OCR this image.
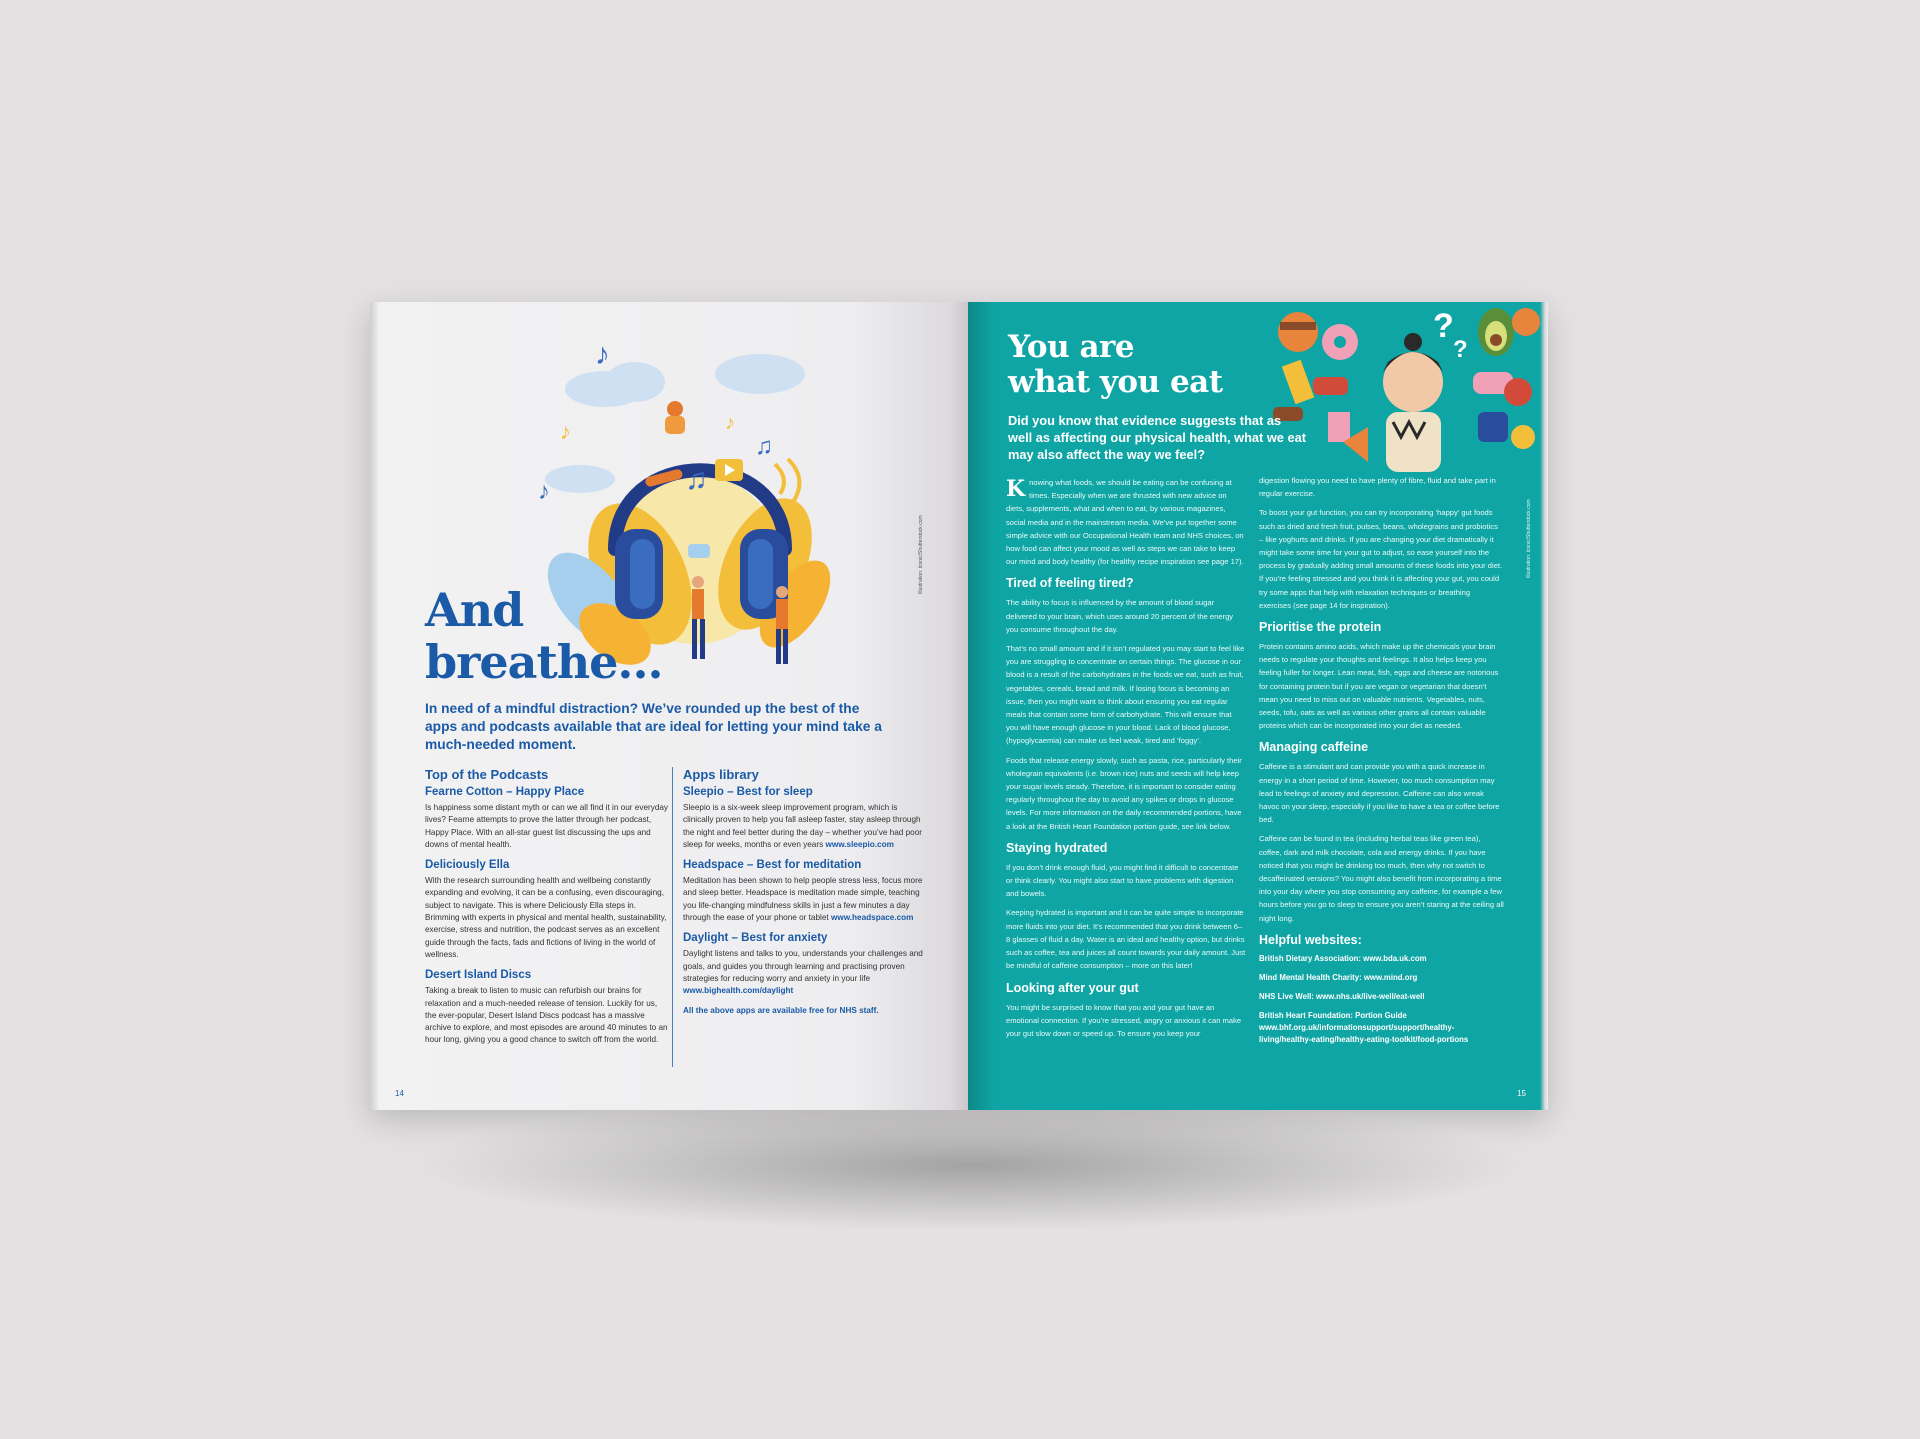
♪
♪
♫
♫
♪
♪
And
breathe...

In need of a mindful distraction? We’ve rounded up the best of the apps and podcasts available that are ideal for letting your mind take a much-needed moment.

Top of the Podcasts
Fearne Cotton – Happy Place

Is happiness some distant myth or can we all find it in our everyday lives? Fearne attempts to prove the latter through her podcast, Happy Place. With an all-star guest list discussing the ups and downs of mental health.

Deliciously Ella

With the research surrounding health and wellbeing constantly expanding and evolving, it can be a confusing, even discouraging, subject to navigate. This is where Deliciously Ella steps in. Brimming with experts in physical and mental health, sustainability, exercise, stress and nutrition, the podcast serves as an excellent guide through the facts, fads and fictions of living in the world of wellness.

Desert Island Discs

Taking a break to listen to music can refurbish our brains for relaxation and a much-needed release of tension. Luckily for us, the ever-popular, Desert Island Discs podcast has a massive archive to explore, and most episodes are around 40 minutes to an hour long, giving you a good chance to switch off from the world.

Apps library
Sleepio – Best for sleep

Sleepio is a six-week sleep improvement program, which is clinically proven to help you fall asleep faster, stay asleep through the night and feel better during the day – whether you’ve had poor sleep for weeks, months or even years www.sleepio.com

Headspace – Best for meditation

Meditation has been shown to help people stress less, focus more and sleep better. Headspace is meditation made simple, teaching you life-changing mindfulness skills in just a few minutes a day through the ease of your phone or tablet www.headspace.com

Daylight – Best for anxiety

Daylight listens and talks to you, understands your challenges and goals, and guides you through learning and practising proven strategies for reducing worry and anxiety in your life www.bighealth.com/daylight

All the above apps are available free for NHS staff.

Illustration: Iconic/Shutterstock.com
14
?
?
You are
what you eat

Did you know that evidence suggests that as well as affecting our physical health, what we eat may also affect the way we feel?

Knowing what foods, we should be eating can be confusing at times. Especially when we are thrusted with new advice on diets, supplements, what and when to eat, by various magazines, social media and in the mainstream media. We’ve put together some simple advice with our Occupational Health team and NHS choices, on how food can affect your mood as well as steps we can take to keep our mind and body healthy (for healthy recipe inspiration see page 17).

Tired of feeling tired?

The ability to focus is influenced by the amount of blood sugar delivered to your brain, which uses around 20 percent of the energy you consume throughout the day.

That’s no small amount and if it isn’t regulated you may start to feel like you are struggling to concentrate on certain things. The glucose in our blood is a result of the carbohydrates in the foods we eat, such as fruit, vegetables, cereals, bread and milk. If losing focus is becoming an issue, then you might want to think about ensuring you eat regular meals that contain some form of carbohydrate. This will ensure that you will have enough glucose in your blood. Lack of blood glucose, (hypoglycaemia) can make us feel weak, tired and ‘foggy’.

Foods that release energy slowly, such as pasta, rice, particularly their wholegrain equivalents (i.e. brown rice) nuts and seeds will help keep your sugar levels steady. Therefore, it is important to consider eating regularly throughout the day to avoid any spikes or drops in glucose levels. For more information on the daily recommended portions, have a look at the British Heart Foundation portion guide, see link below.

Staying hydrated

If you don’t drink enough fluid, you might find it difficult to concentrate or think clearly. You might also start to have problems with digestion and bowels.

Keeping hydrated is important and it can be quite simple to incorporate more fluids into your diet. It’s recommended that you drink between 6–8 glasses of fluid a day. Water is an ideal and healthy option, but drinks such as coffee, tea and juices all count towards your daily amount. Just be mindful of caffeine consumption – more on this later!

Looking after your gut

You might be surprised to know that you and your gut have an emotional connection. If you’re stressed, angry or anxious it can make your gut slow down or speed up. To ensure you keep your

digestion flowing you need to have plenty of fibre, fluid and take part in regular exercise.

To boost your gut function, you can try incorporating ‘happy’ gut foods such as dried and fresh fruit, pulses, beans, wholegrains and probiotics – like yoghurts and drinks. If you are changing your diet dramatically it might take some time for your gut to adjust, so ease yourself into the process by gradually adding small amounts of these foods into your diet. If you’re feeling stressed and you think it is affecting your gut, you could try some apps that help with relaxation techniques or breathing exercises (see page 14 for inspiration).

Prioritise the protein

Protein contains amino acids, which make up the chemicals your brain needs to regulate your thoughts and feelings. It also helps keep you feeling fuller for longer. Lean meat, fish, eggs and cheese are notorious for containing protein but if you are vegan or vegetarian that doesn’t mean you need to miss out on valuable nutrients. Vegetables, nuts, seeds, tofu, oats as well as various other grains all contain valuable proteins which can be incorporated into your diet as needed.

Managing caffeine

Caffeine is a stimulant and can provide you with a quick increase in energy in a short period of time. However, too much consumption may lead to feelings of anxiety and depression. Caffeine can also wreak havoc on your sleep, especially if you like to have a tea or coffee before bed.

Caffeine can be found in tea (including herbal teas like green tea), coffee, dark and milk chocolate, cola and energy drinks. If you have noticed that you might be drinking too much, then why not switch to decaffeinated versions? You might also benefit from incorporating a time into your day where you stop consuming any caffeine, for example a few hours before you go to sleep to ensure you aren’t staring at the ceiling all night long.

Helpful websites:

British Dietary Association: www.bda.uk.com

Mind Mental Health Charity: www.mind.org

NHS Live Well: www.nhs.uk/live-well/eat-well

British Heart Foundation: Portion Guide www.bhf.org.uk/informationsupport/support/healthy-living/healthy-eating/healthy-eating-toolkit/food-portions

Illustration: Iconic/Shutterstock.com
15
